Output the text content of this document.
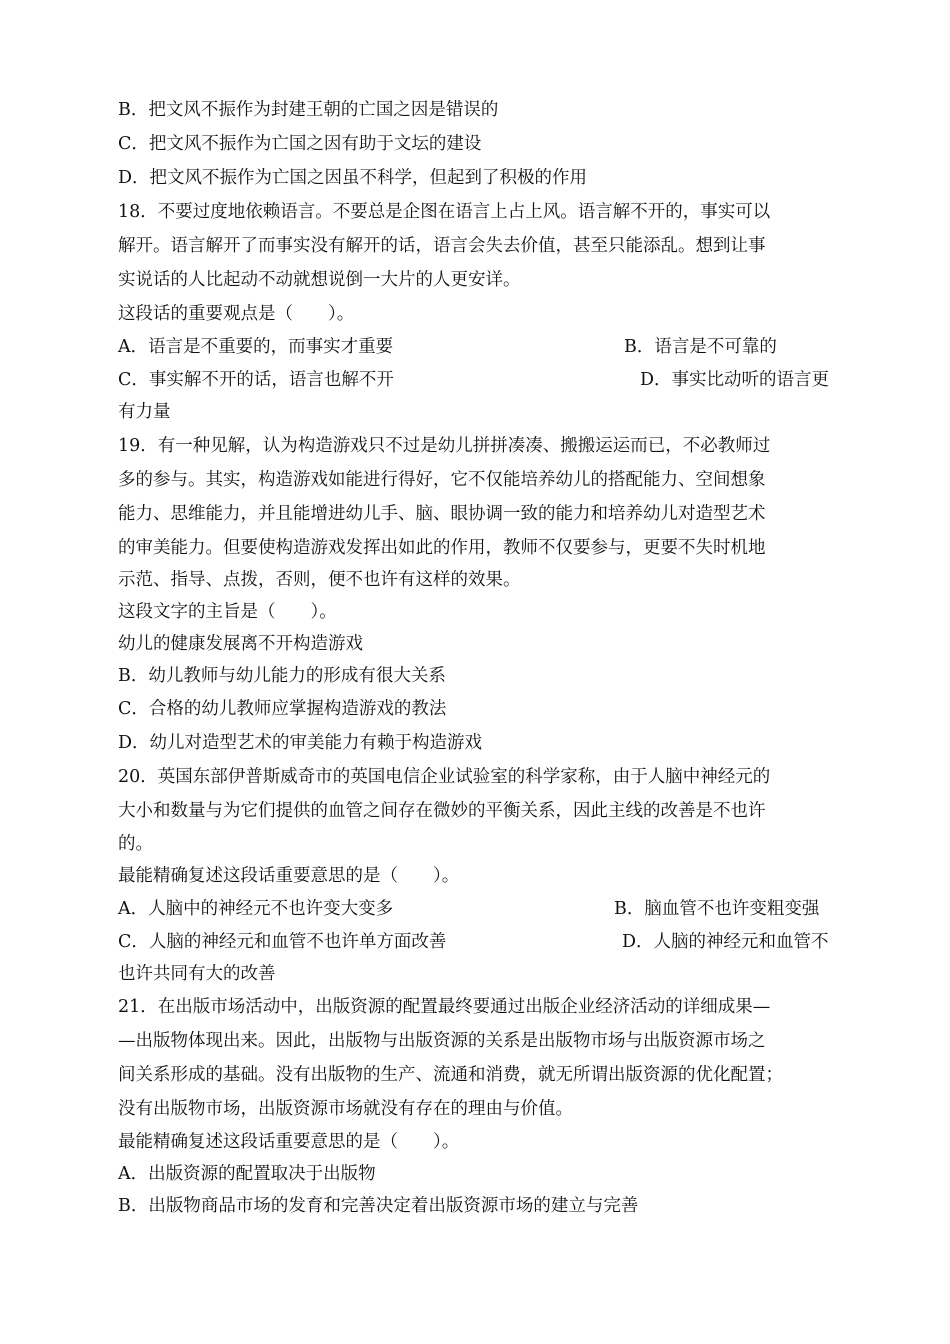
B．把文风不振作为封建王朝的亡国之因是错误的
C．把文风不振作为亡国之因有助于文坛的建设
D．把文风不振作为亡国之因虽不科学，但起到了积极的作用
18．不要过度地依赖语言。不要总是企图在语言上占上风。语言解不开的，事实可以
解开。语言解开了而事实没有解开的话，语言会失去价值，甚至只能添乱。想到让事
实说话的人比起动不动就想说倒一大片的人更安详。
这段话的重要观点是（　　）。
A．语言是不重要的，而事实才重要	B．语言是不可靠的
C．事实解不开的话，语言也解不开	D．事实比动听的语言更
有力量
19．有一种见解，认为构造游戏只不过是幼儿拼拼凑凑、搬搬运运而已，不必教师过
多的参与。其实，构造游戏如能进行得好，它不仅能培养幼儿的搭配能力、空间想象
能力、思维能力，并且能增进幼儿手、脑、眼协调一致的能力和培养幼儿对造型艺术
的审美能力。但要使构造游戏发挥出如此的作用，教师不仅要参与，更要不失时机地
示范、指导、点拨，否则，便不也许有这样的效果。
这段文字的主旨是（　　）。
幼儿的健康发展离不开构造游戏
B．幼儿教师与幼儿能力的形成有很大关系
C．合格的幼儿教师应掌握构造游戏的教法
D．幼儿对造型艺术的审美能力有赖于构造游戏
20．英国东部伊普斯威奇市的英国电信企业试验室的科学家称，由于人脑中神经元的
大小和数量与为它们提供的血管之间存在微妙的平衡关系，因此主线的改善是不也许
的。
最能精确复述这段话重要意思的是（　　）。
A．人脑中的神经元不也许变大变多	B．脑血管不也许变粗变强
C．人脑的神经元和血管不也许单方面改善	D．人脑的神经元和血管不
也许共同有大的改善
21．在出版市场活动中，出版资源的配置最终要通过出版企业经济活动的详细成果—
—出版物体现出来。因此，出版物与出版资源的关系是出版物市场与出版资源市场之
间关系形成的基础。没有出版物的生产、流通和消费，就无所谓出版资源的优化配置；
没有出版物市场，出版资源市场就没有存在的理由与价值。
最能精确复述这段话重要意思的是（　　）。
A．出版资源的配置取决于出版物
B．出版物商品市场的发育和完善决定着出版资源市场的建立与完善
